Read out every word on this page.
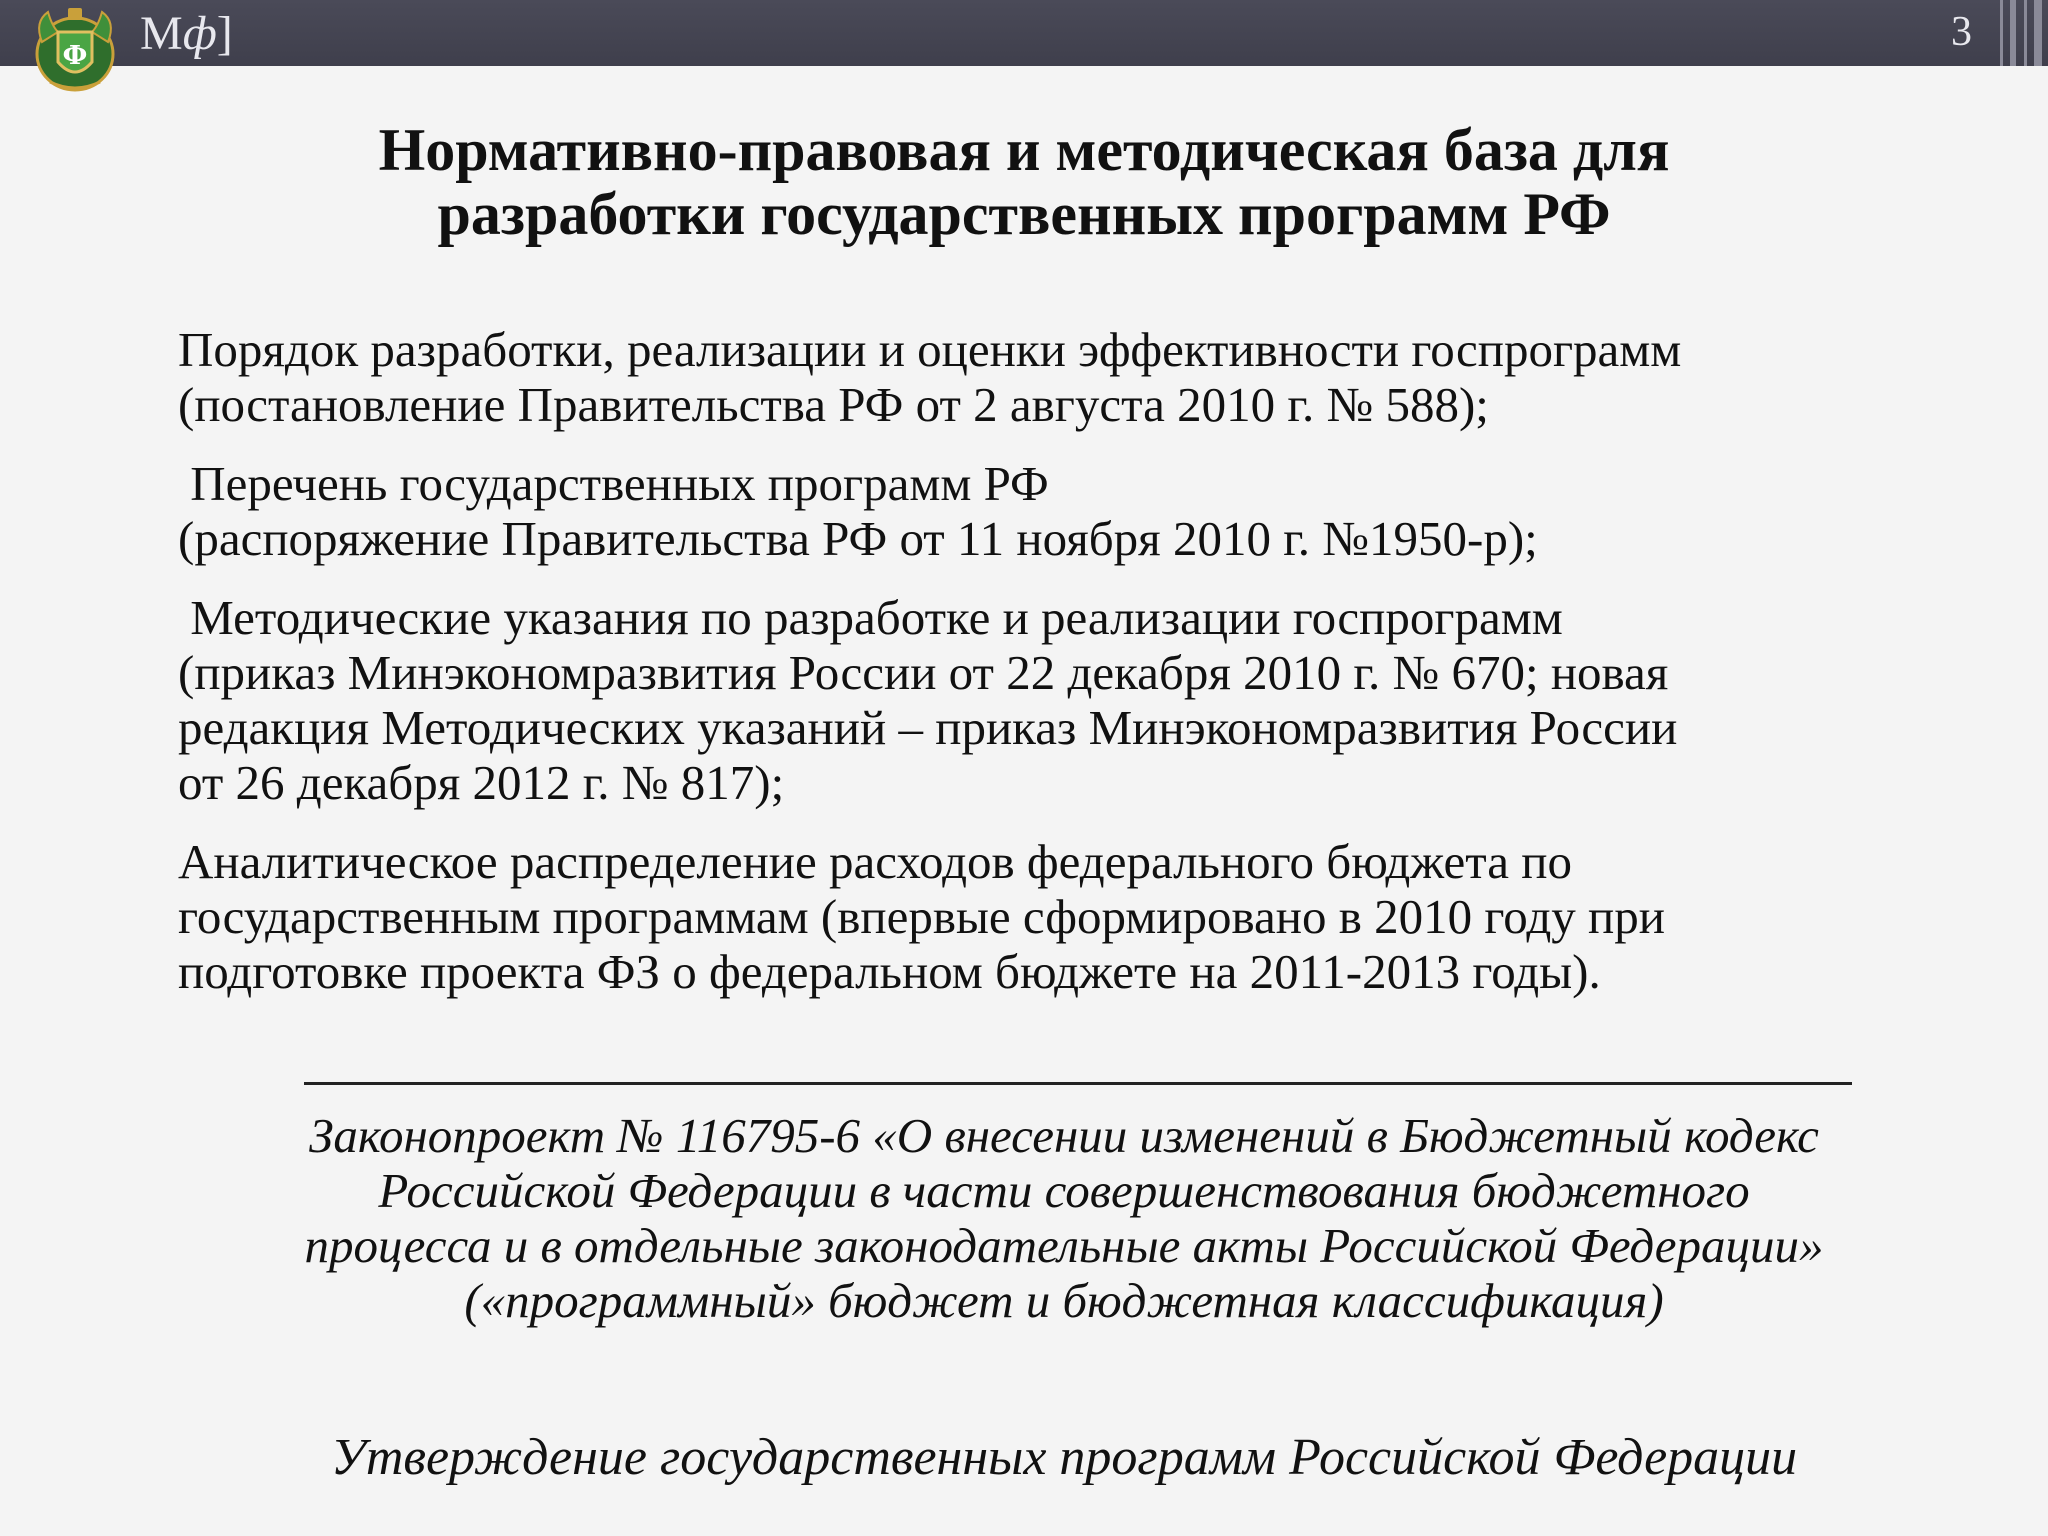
Ф Мф]	3
Нормативно-правовая и методическая база для
разработки государственных программ РФ
Порядок разработки, реализации и оценки эффективности госпрограмм
(постановление Правительства РФ от 2 августа 2010 г. № 588);
Перечень государственных программ РФ
(распоряжение Правительства РФ от 11 ноября 2010 г. №1950-р);
Методические указания по разработке и реализации госпрограмм
(приказ Минэкономразвития России от 22 декабря 2010 г. № 670; новая
редакция Методических указаний – приказ Минэкономразвития России
от 26 декабря 2012 г. № 817);
Аналитическое распределение расходов федерального бюджета по
государственным программам (впервые сформировано в 2010 году при
подготовке проекта ФЗ о федеральном бюджете на 2011-2013 годы).
Законопроект № 116795-6 «О внесении изменений в Бюджетный кодекс
Российской Федерации в части совершенствования бюджетного
процесса и в отдельные законодательные акты Российской Федерации»
(«программный» бюджет и бюджетная классификация)
Утверждение государственных программ Российской Федерации
